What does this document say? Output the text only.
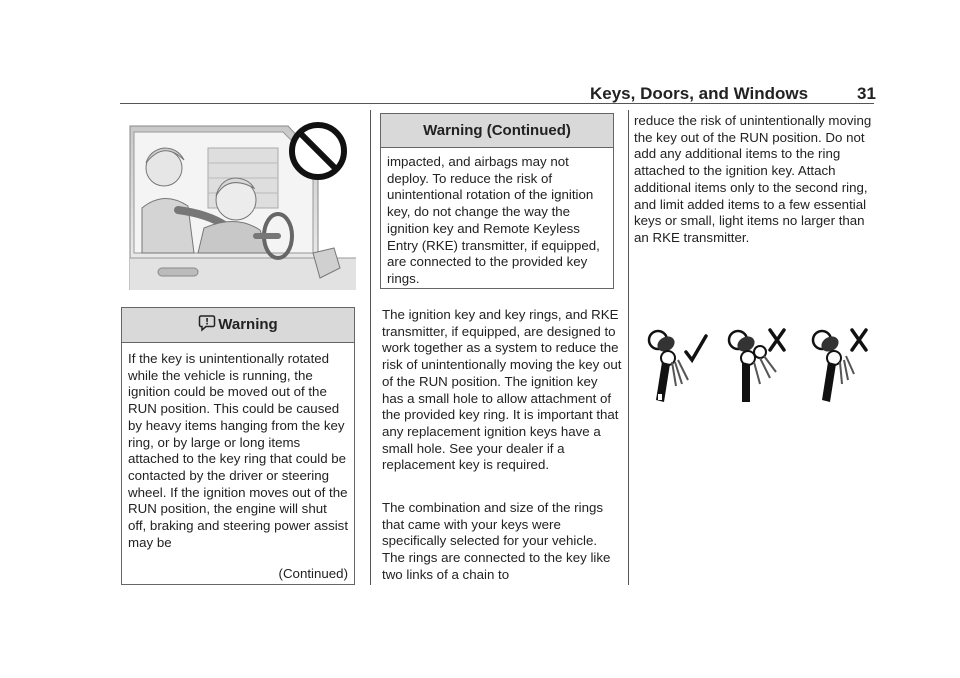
Keys, Doors, and Windows	31
! Warning
If the key is unintentionally rotated while the vehicle is running, the ignition could be moved out of the RUN position. This could be caused by heavy items hanging from the key ring, or by large or long items attached to the key ring that could be contacted by the driver or steering wheel. If the ignition moves out of the RUN position, the engine will shut off, braking and steering power assist may be
(Continued)
Warning (Continued)
impacted, and airbags may not deploy. To reduce the risk of unintentional rotation of the ignition key, do not change the way the ignition key and Remote Keyless Entry (RKE) transmitter, if equipped, are connected to the provided key rings.
The ignition key and key rings, and RKE transmitter, if equipped, are designed to work together as a system to reduce the risk of unintentionally moving the key out of the RUN position. The ignition key has a small hole to allow attachment of the provided key ring. It is important that any replacement ignition keys have a small hole. See your dealer if a replacement key is required.
The combination and size of the rings that came with your keys were specifically selected for your vehicle. The rings are connected to the key like two links of a chain to
reduce the risk of unintentionally moving the key out of the RUN position. Do not add any additional items to the ring attached to the ignition key. Attach additional items only to the second ring, and limit added items to a few essential keys or small, light items no larger than an RKE transmitter.
